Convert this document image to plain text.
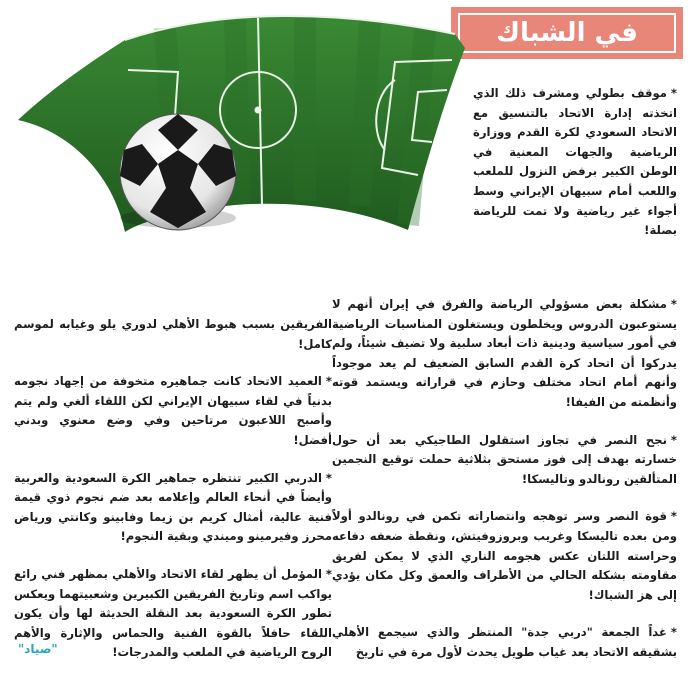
في الشباك

*موقف بطولي ومشرف ذلك الذي اتخذته إدارة الاتحاد بالتنسيق مع الاتحاد السعودي لكرة القدم ووزارة الرياضية والجهات المعنية في الوطن الكبير برفض النزول للملعب واللعب أمام سبيهان الإيراني وسط أجواء غير رياضية ولا تمت للرياضة بصلة!

*مشكلة بعض مسؤولي الرياضة والفرق في إيران أنهم لا يستوعبون الدروس ويخلطون ويستغلون المناسبات الرياضية في أمور سياسية ودينية ذات أبعاد سلبية ولا تضيف شيئاً، ولم يدركوا أن اتحاد كرة القدم السابق الضعيف لم يعد موجوداً وأنهم أمام اتحاد مختلف وحازم في قراراته ويستمد قوته وأنظمته من الفيفا!

*نجح النصر في تجاوز استقلول الطاجيكي بعد أن حول خسارته بهدف إلى فوز مستحق بثلاثية حملت توقيع النجمين المتألقين رونالدو وتاليسكا!

*قوة النصر وسر توهجه وانتصاراته تكمن في رونالدو أولاً ومن بعده تاليسكا وغريب وبروزوفيتش، ونقطة ضعفه دفاعه وحراسته اللتان عكس هجومه الناري الذي لا يمكن لفريق مقاومته بشكله الحالي من الأطراف والعمق وكل مكان يؤدي إلى هز الشباك!

*غداً الجمعة "دربي جدة" المنتظر والذي سيجمع الأهلي بشقيقه الاتحاد بعد غياب طويل يحدث لأول مرة في تاريخ

الفريقين بسبب هبوط الأهلي لدوري يلو وغيابه لموسم كامل!

*العميد الاتحاد كانت جماهيره متخوفة من إجهاد نجومه بدنياً في لقاء سبيهان الإيراني لكن اللقاء ألغي ولم يتم وأصبح اللاعبون مرتاحين وفي وضع معنوي وبدني أفضل!

*الدربي الكبير تنتظره جماهير الكرة السعودية والعربية وأيضاً في أنحاء العالم وإعلامه بعد ضم نجوم ذوي قيمة فنية عالية، أمثال كريم بن زيما وفابينو وكانتي ورياض محرز وفيرمينو وميندي وبقية النجوم!

*المؤمل أن يظهر لقاء الاتحاد والأهلي بمظهر فني رائع يواكب اسم وتاريخ الفريقين الكبيرين وشعبيتهما ويعكس تطور الكرة السعودية بعد النقلة الحديثة لها وأن يكون اللقاء حافلاً بالقوة الفنية والحماس والإثارة والأهم الروح الرياضية في الملعب والمدرجات!

"صياد"
